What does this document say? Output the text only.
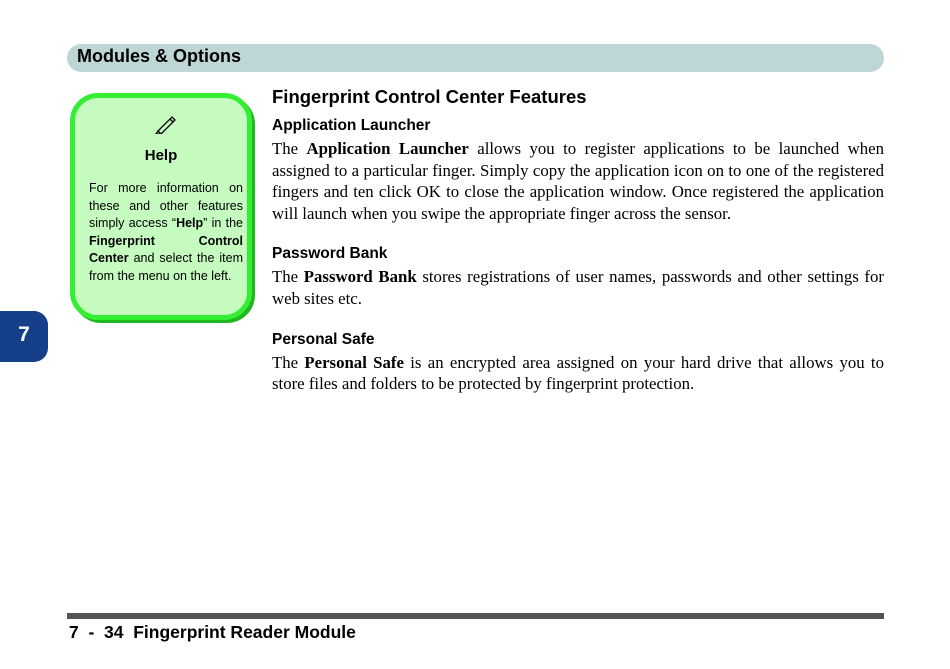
Modules & Options
7
Help
For more information on these and other features simply access “Help” in the Fingerprint Control Center and select the item from the menu on the left.
Fingerprint Control Center Features
Application Launcher

The Application Launcher allows you to register applications to be launched when assigned to a particular finger. Simply copy the application icon on to one of the registered fingers and ten click OK to close the application window. Once registered the application will launch when you swipe the appropriate finger across the sensor.

Password Bank

The Password Bank stores registrations of user names, passwords and other settings for web sites etc.

Personal Safe

The Personal Safe is an encrypted area assigned on your hard drive that allows you to store files and folders to be protected by fingerprint protection.

7  -  34 Fingerprint Reader Module
